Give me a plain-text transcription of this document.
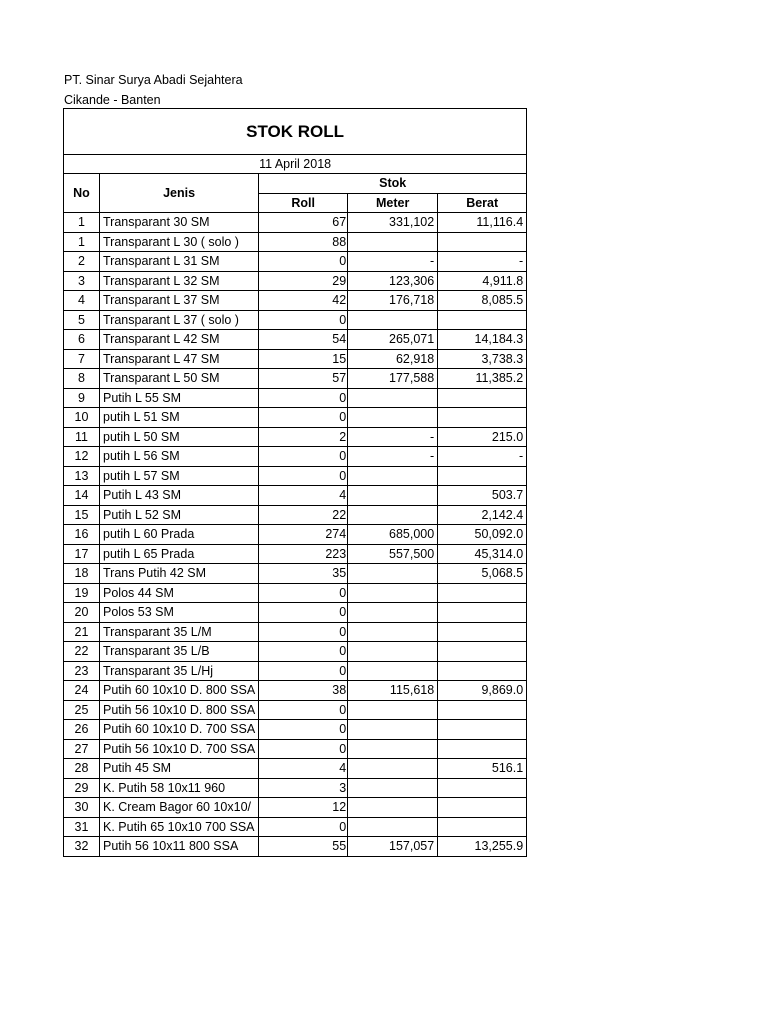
PT. Sinar Surya Abadi Sejahtera
Cikande - Banten
STOK ROLL				
11 April 2018				
No	Jenis	Stok		
		Roll	Meter	Berat
1	Transparant 30 SM	67	331,102	11,116.4
1	Transparant L 30 ( solo )	88		
2	Transparant L 31 SM	0	-	-
3	Transparant L 32 SM	29	123,306	4,911.8
4	Transparant L 37 SM	42	176,718	8,085.5
5	Transparant L 37 ( solo )	0		
6	Transparant L 42 SM	54	265,071	14,184.3
7	Transparant L 47 SM	15	62,918	3,738.3
8	Transparant L 50 SM	57	177,588	11,385.2
9	Putih L 55 SM	0		
10	putih L 51 SM	0		
11	putih L 50 SM	2	-	215.0
12	putih L 56 SM	0	-	-
13	putih L 57 SM	0		
14	Putih L 43 SM	4		503.7
15	Putih L 52 SM	22		2,142.4
16	putih L 60 Prada	274	685,000	50,092.0
17	putih L 65 Prada	223	557,500	45,314.0
18	Trans Putih 42 SM	35		5,068.5
19	Polos 44 SM	0		
20	Polos 53 SM	0		
21	Transparant 35 L/M	0		
22	Transparant 35 L/B	0		
23	Transparant 35 L/Hj	0		
24	Putih 60 10x10 D. 800 SSA	38	115,618	9,869.0
25	Putih 56 10x10 D. 800 SSA	0		
26	Putih 60 10x10 D. 700 SSA	0		
27	Putih 56 10x10 D. 700 SSA	0		
28	Putih 45 SM	4		516.1
29	K. Putih 58 10x11 960	3		
30	K. Cream Bagor 60 10x10/	12		
31	K. Putih 65 10x10 700 SSA	0		
32	Putih 56 10x11 800 SSA	55	157,057	13,255.9
